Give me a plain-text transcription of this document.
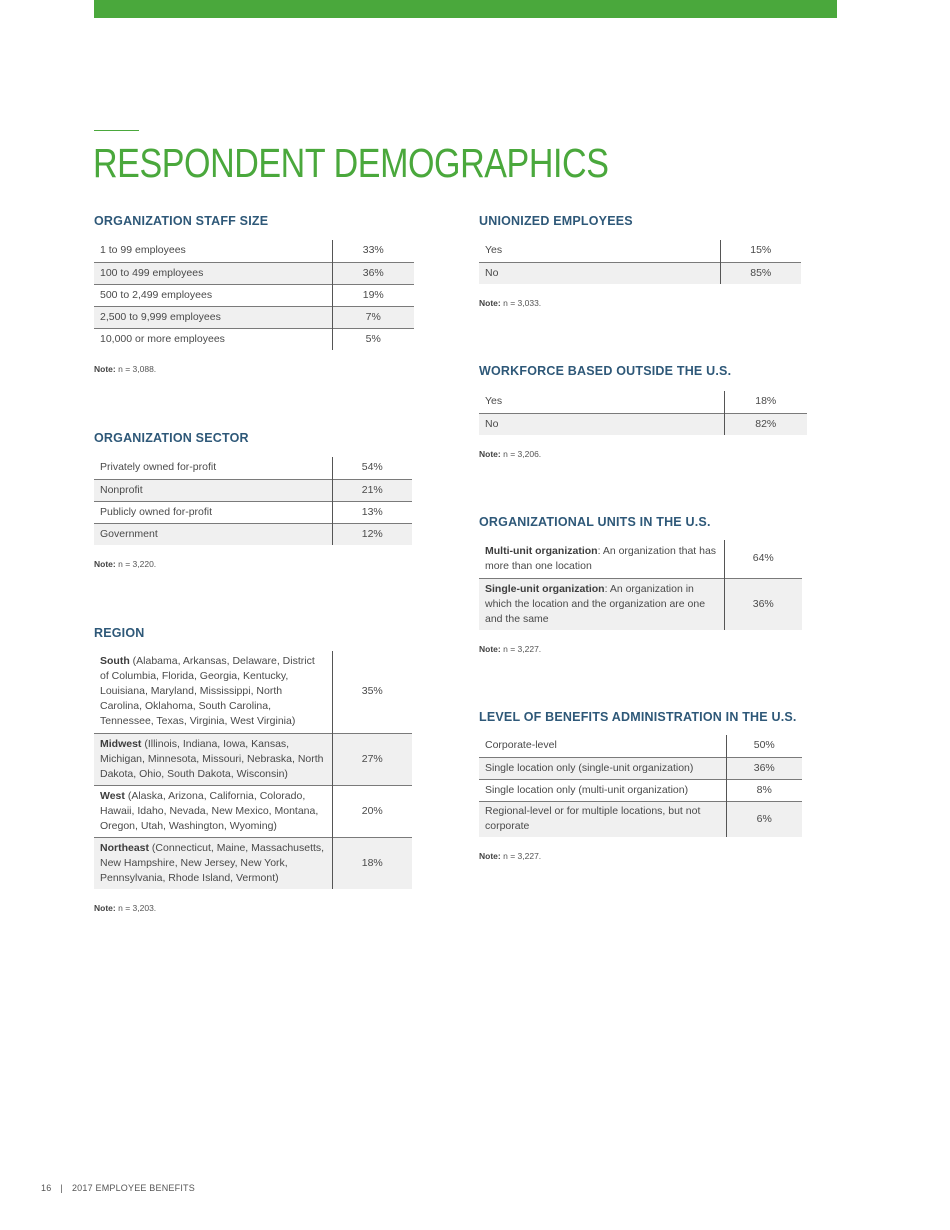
RESPONDENT DEMOGRAPHICS
ORGANIZATION STAFF SIZE
1 to 99 employees	33%
100 to 499 employees	36%
500 to 2,499 employees	19%
2,500 to 9,999 employees	7%
10,000 or more employees	5%
Note: n = 3,088.
ORGANIZATION SECTOR
Privately owned for-profit	54%
Nonprofit	21%
Publicly owned for-profit	13%
Government	12%
Note: n = 3,220.
REGION
South (Alabama, Arkansas, Delaware, District of Columbia, Florida, Georgia, Kentucky, Louisiana, Maryland, Mississippi, North Carolina, Oklahoma, South Carolina, Tennessee, Texas, Virginia, West Virginia)	35%
Midwest (Illinois, Indiana, Iowa, Kansas, Michigan, Minnesota, Missouri, Nebraska, North Dakota, Ohio, South Dakota, Wisconsin)	27%
West (Alaska, Arizona, California, Colorado, Hawaii, Idaho, Nevada, New Mexico, Montana, Oregon, Utah, Washington, Wyoming)	20%
Northeast (Connecticut, Maine, Massachusetts, New Hampshire, New Jersey, New York, Pennsylvania, Rhode Island, Vermont)	18%
Note: n = 3,203.
UNIONIZED EMPLOYEES
Yes	15%
No	85%
Note: n = 3,033.
WORKFORCE BASED OUTSIDE THE U.S.
Yes	18%
No	82%
Note: n = 3,206.
ORGANIZATIONAL UNITS IN THE U.S.
Multi-unit organization: An organization that has more than one location	64%
Single-unit organization: An organization in which the location and the organization are one and the same	36%
Note: n = 3,227.
LEVEL OF BENEFITS ADMINISTRATION IN THE U.S.
Corporate-level	50%
Single location only (single-unit organization)	36%
Single location only (multi-unit organization)	8%
Regional-level or for multiple locations, but not corporate	6%
Note: n = 3,227.
16 | 2017 EMPLOYEE BENEFITS
